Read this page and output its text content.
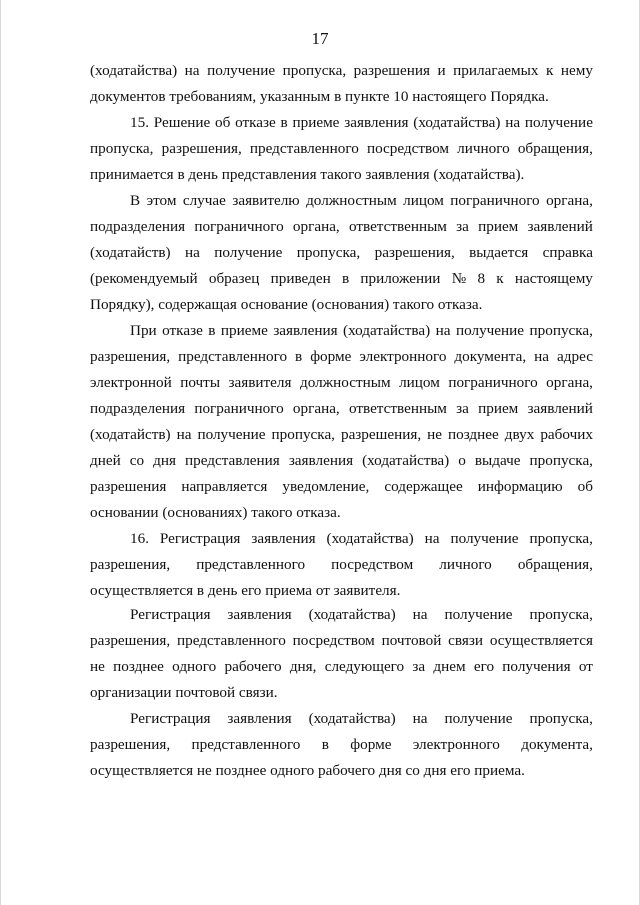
17
(ходатайства) на получение пропуска, разрешения и прилагаемых к нему
документов требованиям, указанным в пункте 10 настоящего Порядка.
15. Решение об отказе в приеме заявления (ходатайства) на получение
пропуска, разрешения, представленного посредством личного обращения,
принимается в день представления такого заявления (ходатайства).
В этом случае заявителю должностным лицом пограничного органа,
подразделения пограничного органа, ответственным за прием заявлений
(ходатайств) на получение пропуска, разрешения, выдается справка
(рекомендуемый образец приведен в приложении № 8 к настоящему
Порядку), содержащая основание (основания) такого отказа.
При отказе в приеме заявления (ходатайства) на получение пропуска,
разрешения, представленного в форме электронного документа, на адрес
электронной почты заявителя должностным лицом пограничного органа,
подразделения пограничного органа, ответственным за прием заявлений
(ходатайств) на получение пропуска, разрешения, не позднее двух рабочих
дней со дня представления заявления (ходатайства) о выдаче пропуска,
разрешения направляется уведомление, содержащее информацию об
основании (основаниях) такого отказа.
16. Регистрация заявления (ходатайства) на получение пропуска,
разрешения, представленного посредством личного обращения,
осуществляется в день его приема от заявителя.
Регистрация заявления (ходатайства) на получение пропуска,
разрешения, представленного посредством почтовой связи осуществляется
не позднее одного рабочего дня, следующего за днем его получения от
организации почтовой связи.
Регистрация заявления (ходатайства) на получение пропуска,
разрешения, представленного в форме электронного документа,
осуществляется не позднее одного рабочего дня со дня его приема.
